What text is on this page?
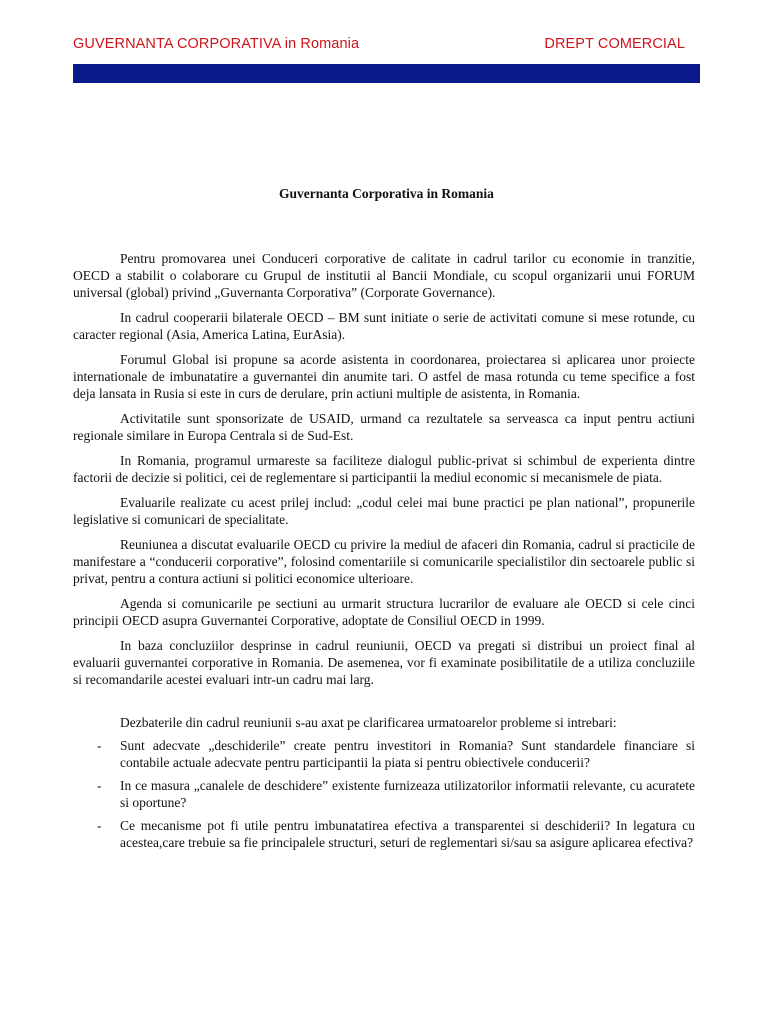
GUVERNANTA CORPORATIVA in Romania	DREPT COMERCIAL
Guvernanta Corporativa in Romania

Pentru promovarea unei Conduceri corporative de calitate in cadrul tarilor cu economie in tranzitie, OECD a stabilit o colaborare cu Grupul de institutii al Bancii Mondiale, cu scopul organizarii unui FORUM universal (global) privind „Guvernanta Corporativa” (Corporate Governance).

In cadrul cooperarii bilaterale OECD – BM sunt initiate o serie de activitati comune si mese rotunde, cu caracter regional (Asia, America Latina, EurAsia).

Forumul Global isi propune sa acorde asistenta in coordonarea, proiectarea si aplicarea unor proiecte internationale de imbunatatire a guvernantei din anumite tari. O astfel de masa rotunda cu teme specifice a fost deja lansata in Rusia si este in curs de derulare, prin actiuni multiple de asistenta, in Romania.

Activitatile sunt sponsorizate de USAID, urmand ca rezultatele sa serveasca ca input pentru actiuni regionale similare in Europa Centrala si de Sud-Est.

In Romania, programul urmareste sa faciliteze dialogul public-privat si schimbul de experienta dintre factorii de decizie si politici, cei de reglementare si participantii la mediul economic si mecanismele de piata.

Evaluarile realizate cu acest prilej includ: „codul celei mai bune practici pe plan national”, propunerile legislative si comunicari de specialitate.

Reuniunea a discutat evaluarile OECD cu privire la mediul de afaceri din Romania, cadrul si practicile de manifestare a “conducerii corporative”, folosind comentariile si comunicarile specialistilor din sectoarele public si privat, pentru a contura actiuni si politici economice ulterioare.

Agenda si comunicarile pe sectiuni au urmarit structura lucrarilor de evaluare ale OECD si cele cinci principii OECD asupra Guvernantei Corporative, adoptate de Consiliul OECD in 1999.

In baza concluziilor desprinse in cadrul reuniunii, OECD va pregati si distribui un proiect final al evaluarii guvernantei corporative in Romania. De asemenea, vor fi examinate posibilitatile de a utiliza concluziile si recomandarile acestei evaluari intr-un cadru mai larg.

Dezbaterile din cadrul reuniunii s-au axat pe clarificarea urmatoarelor probleme si intrebari:

- Sunt adecvate „deschiderile” create pentru investitori in Romania? Sunt standardele financiare si contabile actuale adecvate pentru participantii la piata si pentru obiectivele conducerii?
- In ce masura „canalele de deschidere” existente furnizeaza utilizatorilor informatii relevante, cu acuratete si oportune?
- Ce mecanisme pot fi utile pentru imbunatatirea efectiva a transparentei si deschiderii? In legatura cu acestea,care trebuie sa fie principalele structuri, seturi de reglementari si/sau sa asigure aplicarea efectiva?
